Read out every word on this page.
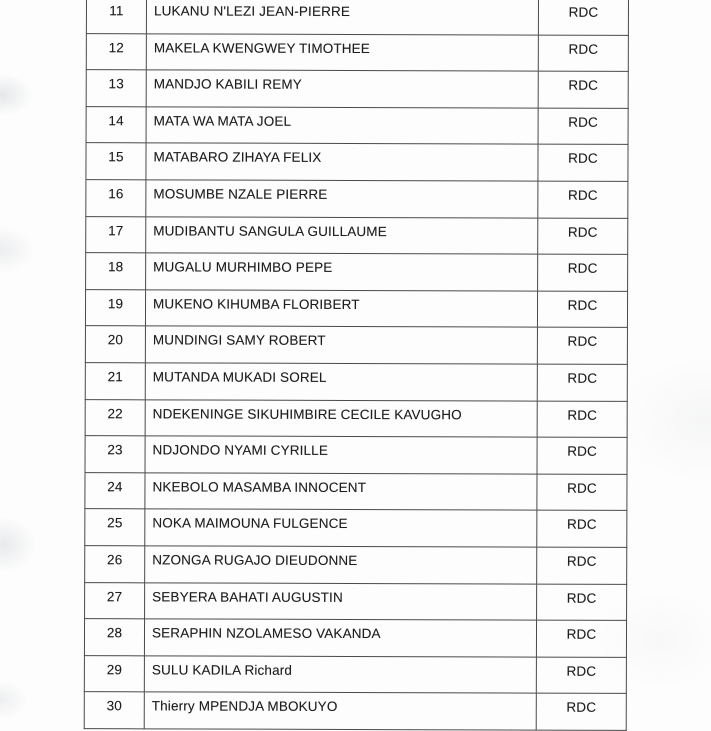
11	LUKANU N'LEZI JEAN-PIERRE	RDC
12	MAKELA KWENGWEY TIMOTHEE	RDC
13	MANDJO KABILI REMY	RDC
14	MATA WA MATA JOEL	RDC
15	MATABARO ZIHAYA FELIX	RDC
16	MOSUMBE NZALE PIERRE	RDC
17	MUDIBANTU SANGULA GUILLAUME	RDC
18	MUGALU MURHIMBO PEPE	RDC
19	MUKENO KIHUMBA FLORIBERT	RDC
20	MUNDINGI SAMY ROBERT	RDC
21	MUTANDA MUKADI SOREL	RDC
22	NDEKENINGE SIKUHIMBIRE CECILE KAVUGHO	RDC
23	NDJONDO NYAMI CYRILLE	RDC
24	NKEBOLO MASAMBA INNOCENT	RDC
25	NOKA MAIMOUNA FULGENCE	RDC
26	NZONGA RUGAJO DIEUDONNE	RDC
27	SEBYERA BAHATI AUGUSTIN	RDC
28	SERAPHIN NZOLAMESO VAKANDA	RDC
29	SULU KADILA Richard	RDC
30	Thierry MPENDJA MBOKUYO	RDC
